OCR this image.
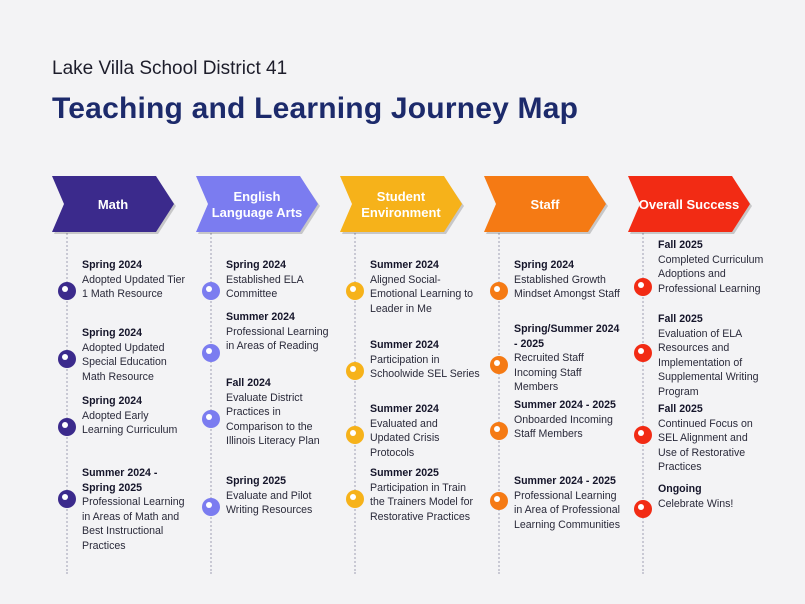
Lake Villa School District 41
Teaching and Learning Journey Map
Math
Spring 2024
Adopted Updated Tier 1 Math Resource
Spring 2024
Adopted Updated Special Education Math Resource
Spring 2024
Adopted Early Learning Curriculum
Summer 2024 - Spring 2025
Professional Learning in Areas of Math and Best Instructional Practices
English Language Arts
Spring 2024
Established ELA Committee
Summer 2024
Professional Learning in Areas of Reading
Fall 2024
Evaluate District Practices in Comparison to the Illinois Literacy Plan
Spring 2025
Evaluate and Pilot Writing Resources
Student Environment
Summer 2024
Aligned Social-Emotional Learning to Leader in Me
Summer 2024
Participation in Schoolwide SEL Series
Summer 2024
Evaluated and Updated Crisis Protocols
Summer 2025
Participation in Train the Trainers Model for Restorative Practices
Staff
Spring 2024
Established Growth Mindset Amongst Staff
Spring/Summer 2024 - 2025
Recruited Staff Incoming Staff Members
Summer 2024 - 2025
Onboarded Incoming Staff Members
Summer 2024 - 2025
Professional Learning in Area of Professional Learning Communities
Overall Success
Fall 2025
Completed Curriculum Adoptions and Professional Learning
Fall 2025
Evaluation of ELA Resources and Implementation of Supplemental Writing Program
Fall 2025
Continued Focus on SEL Alignment and Use of Restorative Practices
Ongoing
Celebrate Wins!
